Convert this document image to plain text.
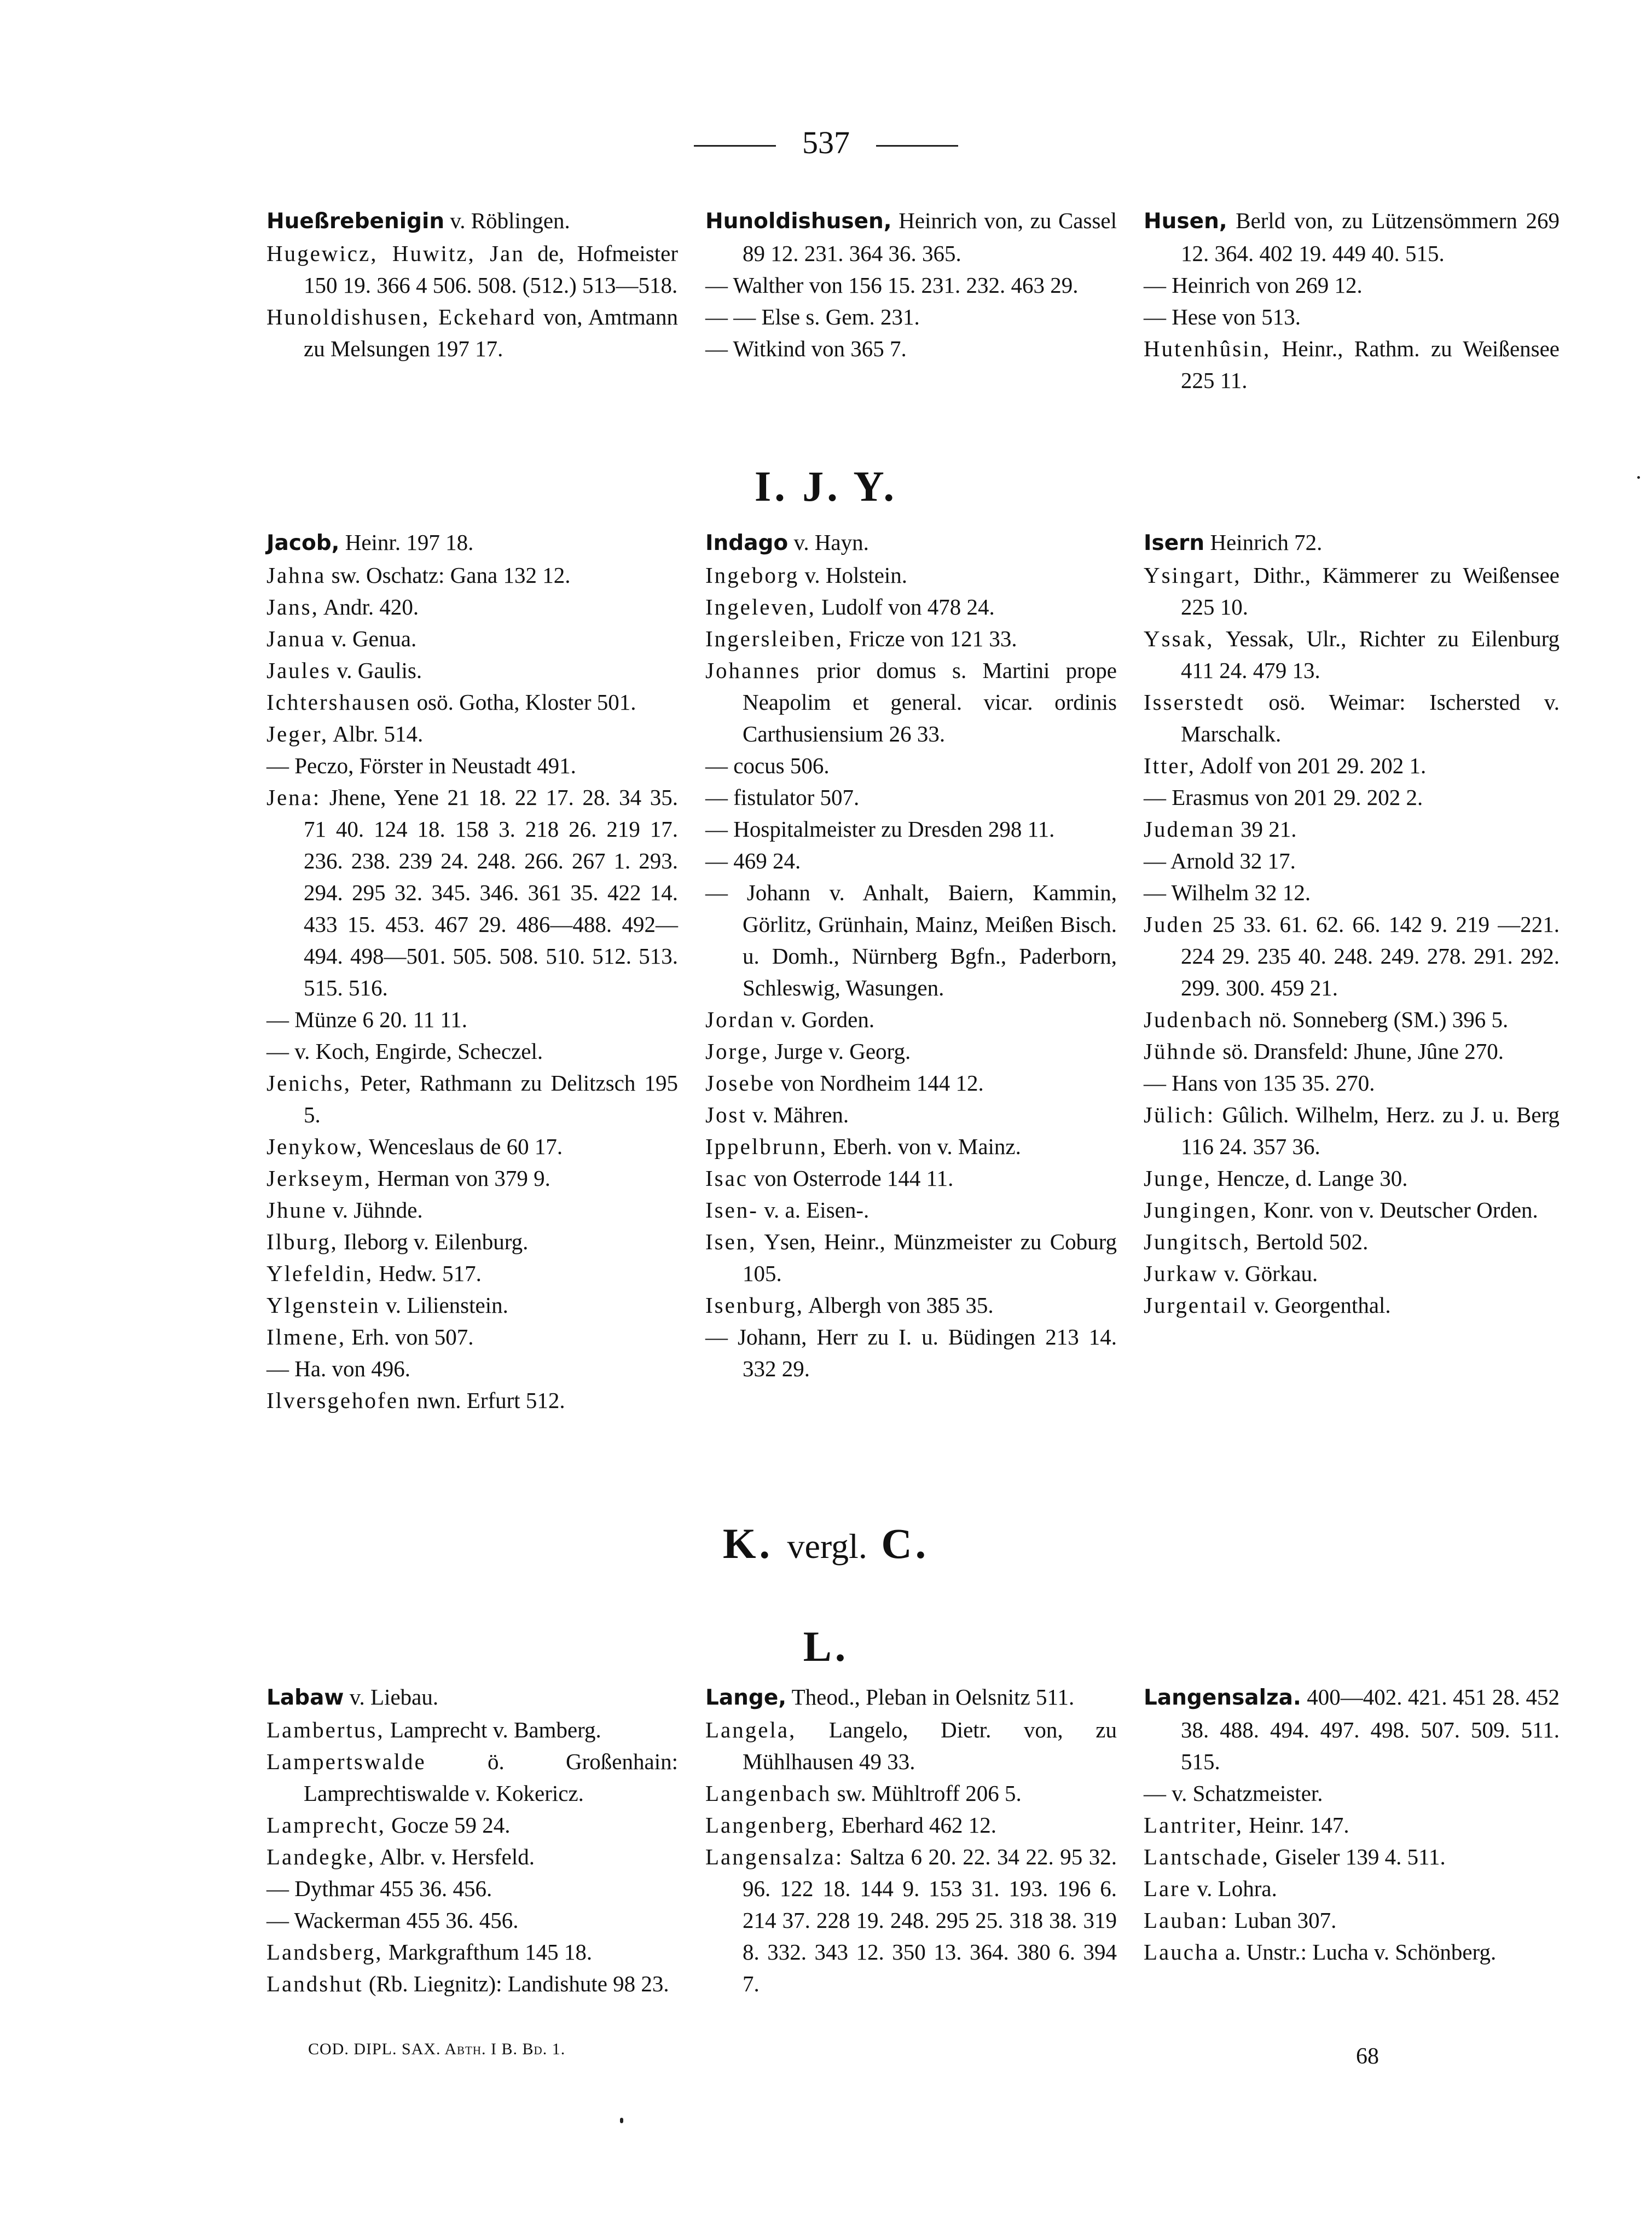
537

Hueßrebenigin v. Röblingen.

Hugewicz, Huwitz, Jan de, Hofmeister 150 19. 366 4 506. 508. (512.) 513—518.

Hunoldishusen, Eckehard von, Amtmann zu Melsungen 197 17.

Hunoldishusen, Heinrich von, zu Cassel 89 12. 231. 364 36. 365.

— Walther von 156 15. 231. 232. 463 29.

— — Else s. Gem. 231.

— Witkind von 365 7.

Husen, Berld von, zu Lützensömmern 269 12. 364. 402 19. 449 40. 515.

— Heinrich von 269 12.

— Hese von 513.

Hutenhûsin, Heinr., Rathm. zu Weißensee 225 11.

I. J. Y.

Jacob, Heinr. 197 18.

Jahna sw. Oschatz: Gana 132 12.

Jans, Andr. 420.

Janua v. Genua.

Jaules v. Gaulis.

Ichtershausen osö. Gotha, Kloster 501.

Jeger, Albr. 514.

— Peczo, Förster in Neustadt 491.

Jena: Jhene, Yene 21 18. 22 17. 28. 34 35. 71 40. 124 18. 158 3. 218 26. 219 17. 236. 238. 239 24. 248. 266. 267 1. 293. 294. 295 32. 345. 346. 361 35. 422 14. 433 15. 453. 467 29. 486—488. 492—494. 498—501. 505. 508. 510. 512. 513. 515. 516.

— Münze 6 20. 11 11.

— v. Koch, Engirde, Scheczel.

Jenichs, Peter, Rathmann zu Delitzsch 195 5.

Jenykow, Wenceslaus de 60 17.

Jerkseym, Herman von 379 9.

Jhune v. Jühnde.

Ilburg, Ileborg v. Eilenburg.

Ylefeldin, Hedw. 517.

Ylgenstein v. Lilienstein.

Ilmene, Erh. von 507.

— Ha. von 496.

Ilversgehofen nwn. Erfurt 512.

Indago v. Hayn.

Ingeborg v. Holstein.

Ingeleven, Ludolf von 478 24.

Ingersleiben, Fricze von 121 33.

Johannes prior domus s. Martini prope Neapolim et general. vicar. ordinis Carthusiensium 26 33.

— cocus 506.

— fistulator 507.

— Hospitalmeister zu Dresden 298 11.

— 469 24.

— Johann v. Anhalt, Baiern, Kammin, Görlitz, Grünhain, Mainz, Meißen Bisch. u. Domh., Nürnberg Bgfn., Paderborn, Schleswig, Wasungen.

Jordan v. Gorden.

Jorge, Jurge v. Georg.

Josebe von Nordheim 144 12.

Jost v. Mähren.

Ippelbrunn, Eberh. von v. Mainz.

Isac von Osterrode 144 11.

Isen- v. a. Eisen-.

Isen, Ysen, Heinr., Münzmeister zu Coburg 105.

Isenburg, Albergh von 385 35.

— Johann, Herr zu I. u. Büdingen 213 14. 332 29.

Isern Heinrich 72.

Ysingart, Dithr., Kämmerer zu Weißensee 225 10.

Yssak, Yessak, Ulr., Richter zu Eilenburg 411 24. 479 13.

Isserstedt osö. Weimar: Ischersted v. Marschalk.

Itter, Adolf von 201 29. 202 1.

— Erasmus von 201 29. 202 2.

Judeman 39 21.

— Arnold 32 17.

— Wilhelm 32 12.

Juden 25 33. 61. 62. 66. 142 9. 219 —221. 224 29. 235 40. 248. 249. 278. 291. 292. 299. 300. 459 21.

Judenbach nö. Sonneberg (SM.) 396 5.

Jühnde sö. Dransfeld: Jhune, Jûne 270.

— Hans von 135 35. 270.

Jülich: Gûlich. Wilhelm, Herz. zu J. u. Berg 116 24. 357 36.

Junge, Hencze, d. Lange 30.

Jungingen, Konr. von v. Deutscher Orden.

Jungitsch, Bertold 502.

Jurkaw v. Görkau.

Jurgentail v. Georgenthal.

K. vergl. C.
L.

Labaw v. Liebau.

Lambertus, Lamprecht v. Bamberg.

Lampertswalde ö. Großenhain: Lamprechtiswalde v. Kokericz.

Lamprecht, Gocze 59 24.

Landegke, Albr. v. Hersfeld.

— Dythmar 455 36. 456.

— Wackerman 455 36. 456.

Landsberg, Markgrafthum 145 18.

Landshut (Rb. Liegnitz): Landishute 98 23.

Lange, Theod., Pleban in Oelsnitz 511.

Langela, Langelo, Dietr. von, zu Mühlhausen 49 33.

Langenbach sw. Mühltroff 206 5.

Langenberg, Eberhard 462 12.

Langensalza: Saltza 6 20. 22. 34 22. 95 32. 96. 122 18. 144 9. 153 31. 193. 196 6. 214 37. 228 19. 248. 295 25. 318 38. 319 8. 332. 343 12. 350 13. 364. 380 6. 394 7.

Langensalza. 400—402. 421. 451 28. 452 38. 488. 494. 497. 498. 507. 509. 511. 515.

— v. Schatzmeister.

Lantriter, Heinr. 147.

Lantschade, Giseler 139 4. 511.

Lare v. Lohra.

Lauban: Luban 307.

Laucha a. Unstr.: Lucha v. Schönberg.

COD. DIPL. SAX. Abth. I B. Bd. 1.	68
